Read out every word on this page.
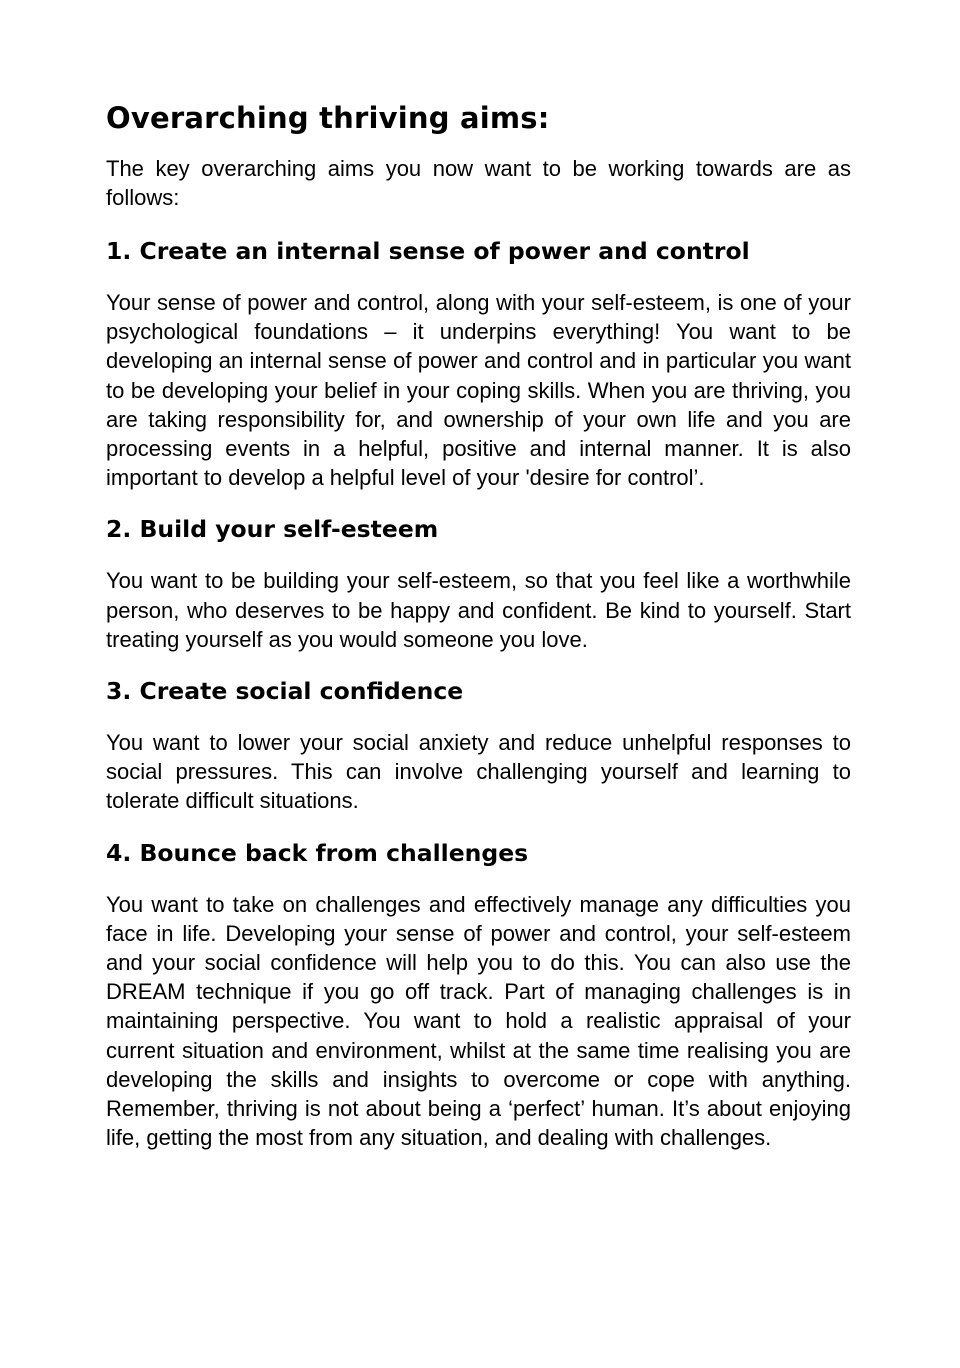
Overarching thriving aims:

The key overarching aims you now want to be working towards are as follows:

1. Create an internal sense of power and control

Your sense of power and control, along with your self-esteem, is one of your psychological foundations – it underpins everything! You want to be developing an internal sense of power and control and in particular you want to be developing your belief in your coping skills. When you are thriving, you are taking responsibility for, and ownership of your own life and you are processing events in a helpful, positive and internal manner. It is also important to develop a helpful level of your 'desire for control’.

2. Build your self-esteem

You want to be building your self-esteem, so that you feel like a worthwhile person, who deserves to be happy and confident. Be kind to yourself. Start treating yourself as you would someone you love.

3. Create social confidence

You want to lower your social anxiety and reduce unhelpful responses to social pressures. This can involve challenging yourself and learning to tolerate difficult situations.

4. Bounce back from challenges

You want to take on challenges and effectively manage any difficulties you face in life. Developing your sense of power and control, your self-esteem and your social confidence will help you to do this. You can also use the DREAM technique if you go off track. Part of managing challenges is in maintaining perspective. You want to hold a realistic appraisal of your current situation and environment, whilst at the same time realising you are developing the skills and insights to overcome or cope with anything. Remember, thriving is not about being a ‘perfect’ human. It’s about enjoying life, getting the most from any situation, and dealing with challenges.
